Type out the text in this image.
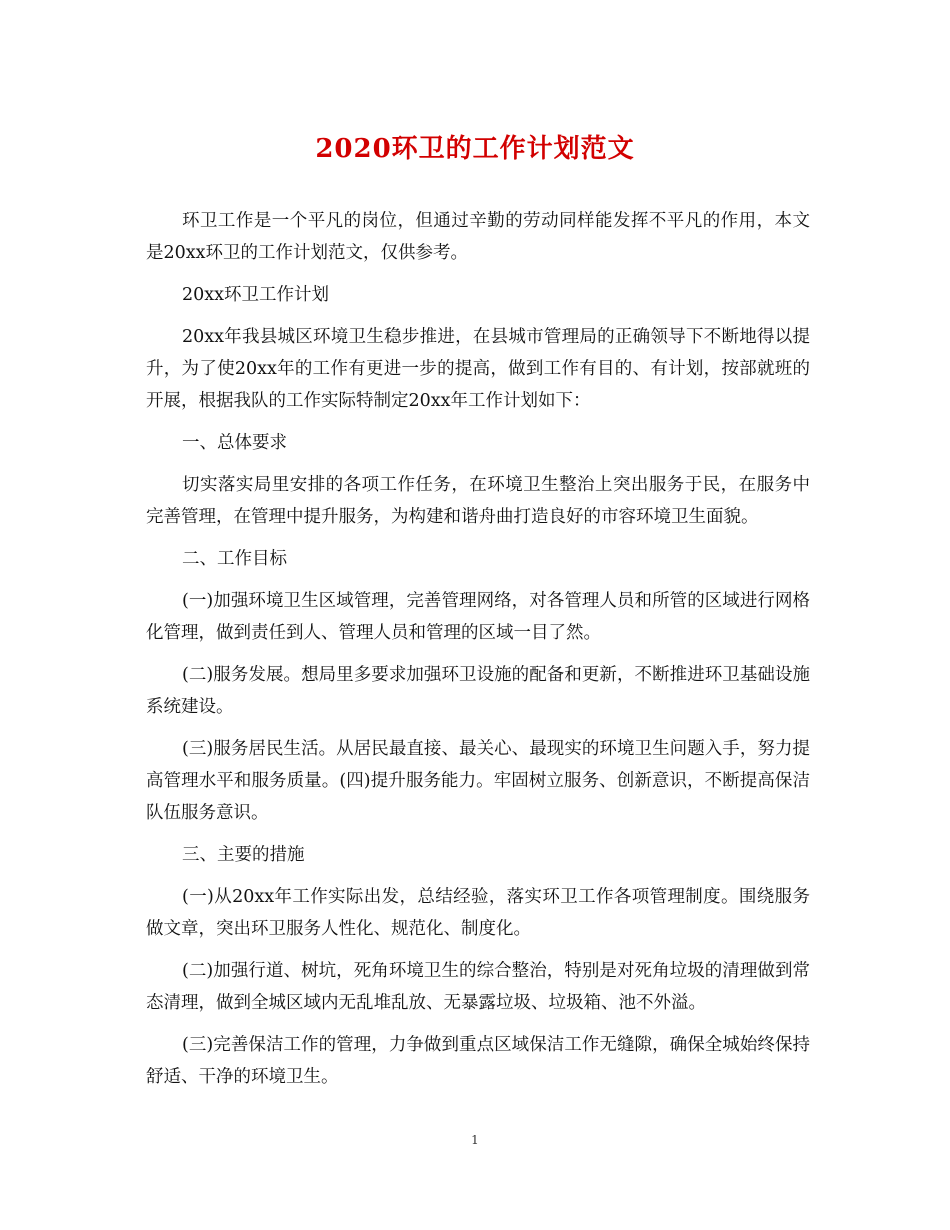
2020环卫的工作计划范文

环卫工作是一个平凡的岗位，但通过辛勤的劳动同样能发挥不平凡的作用，本文是20xx环卫的工作计划范文，仅供参考。

20xx环卫工作计划

20xx年我县城区环境卫生稳步推进，在县城市管理局的正确领导下不断地得以提升，为了使20xx年的工作有更进一步的提高，做到工作有目的、有计划，按部就班的开展，根据我队的工作实际特制定20xx年工作计划如下：

一、总体要求

切实落实局里安排的各项工作任务，在环境卫生整治上突出服务于民，在服务中完善管理，在管理中提升服务，为构建和谐舟曲打造良好的市容环境卫生面貌。

二、工作目标

(一)加强环境卫生区域管理，完善管理网络，对各管理人员和所管的区域进行网格化管理，做到责任到人、管理人员和管理的区域一目了然。

(二)服务发展。想局里多要求加强环卫设施的配备和更新，不断推进环卫基础设施系统建设。

(三)服务居民生活。从居民最直接、最关心、最现实的环境卫生问题入手，努力提高管理水平和服务质量。(四)提升服务能力。牢固树立服务、创新意识，不断提高保洁队伍服务意识。

三、主要的措施

(一)从20xx年工作实际出发，总结经验，落实环卫工作各项管理制度。围绕服务做文章，突出环卫服务人性化、规范化、制度化。

(二)加强行道、树坑，死角环境卫生的综合整治，特别是对死角垃圾的清理做到常态清理，做到全城区域内无乱堆乱放、无暴露垃圾、垃圾箱、池不外溢。

(三)完善保洁工作的管理，力争做到重点区域保洁工作无缝隙，确保全城始终保持舒适、干净的环境卫生。

1
